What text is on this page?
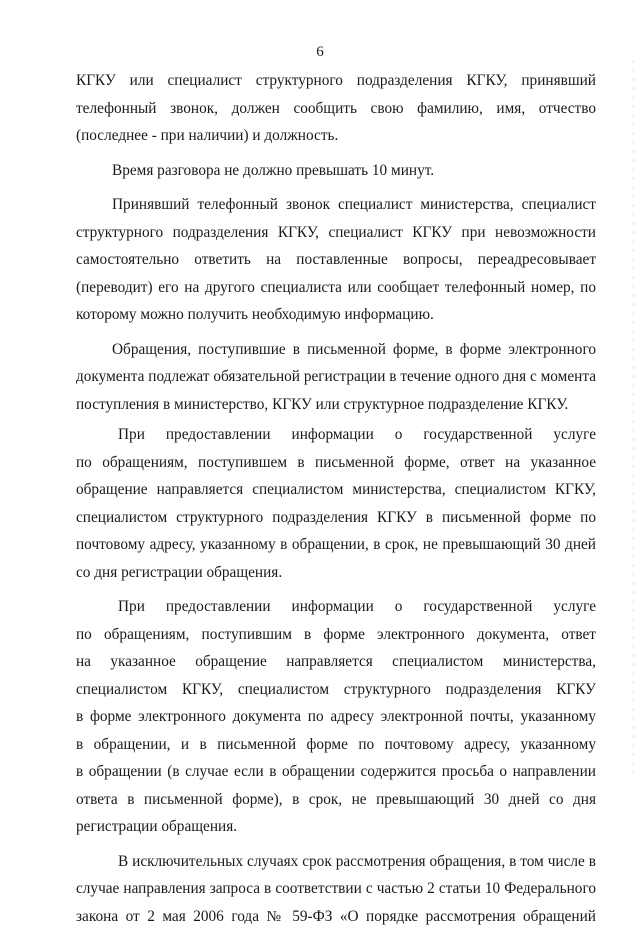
6
КГКУ или специалист структурного подразделения КГКУ, принявший
телефонный звонок, должен сообщить свою фамилию, имя, отчество
(последнее - при наличии) и должность.
Время разговора не должно превышать 10 минут.
Принявший телефонный звонок специалист министерства, специалист
структурного подразделения КГКУ, специалист КГКУ при невозможности
самостоятельно ответить на поставленные вопросы, переадресовывает
(переводит) его на другого специалиста или сообщает телефонный номер, по
которому можно получить необходимую информацию.
Обращения, поступившие в письменной форме, в форме электронного
документа подлежат обязательной регистрации в течение одного дня с момента
поступления в министерство, КГКУ или структурное подразделение КГКУ.
При предоставлении информации о государственной услуге
по обращениям, поступившем в письменной форме, ответ на указанное
обращение направляется специалистом министерства, специалистом КГКУ,
специалистом структурного подразделения КГКУ в письменной форме по
почтовому адресу, указанному в обращении, в срок, не превышающий 30 дней
со дня регистрации обращения.
При предоставлении информации о государственной услуге
по обращениям, поступившим в форме электронного документа, ответ
на указанное обращение направляется специалистом министерства,
специалистом КГКУ, специалистом структурного подразделения КГКУ
в форме электронного документа по адресу электронной почты, указанному
в обращении, и в письменной форме по почтовому адресу, указанному
в обращении (в случае если в обращении содержится просьба о направлении
ответа в письменной форме), в срок, не превышающий 30 дней со дня
регистрации обращения.
В исключительных случаях срок рассмотрения обращения, в том числе в
случае направления запроса в соответствии с частью 2 статьи 10 Федерального
закона от 2 мая 2006 года № 59-ФЗ «О порядке рассмотрения обращений
